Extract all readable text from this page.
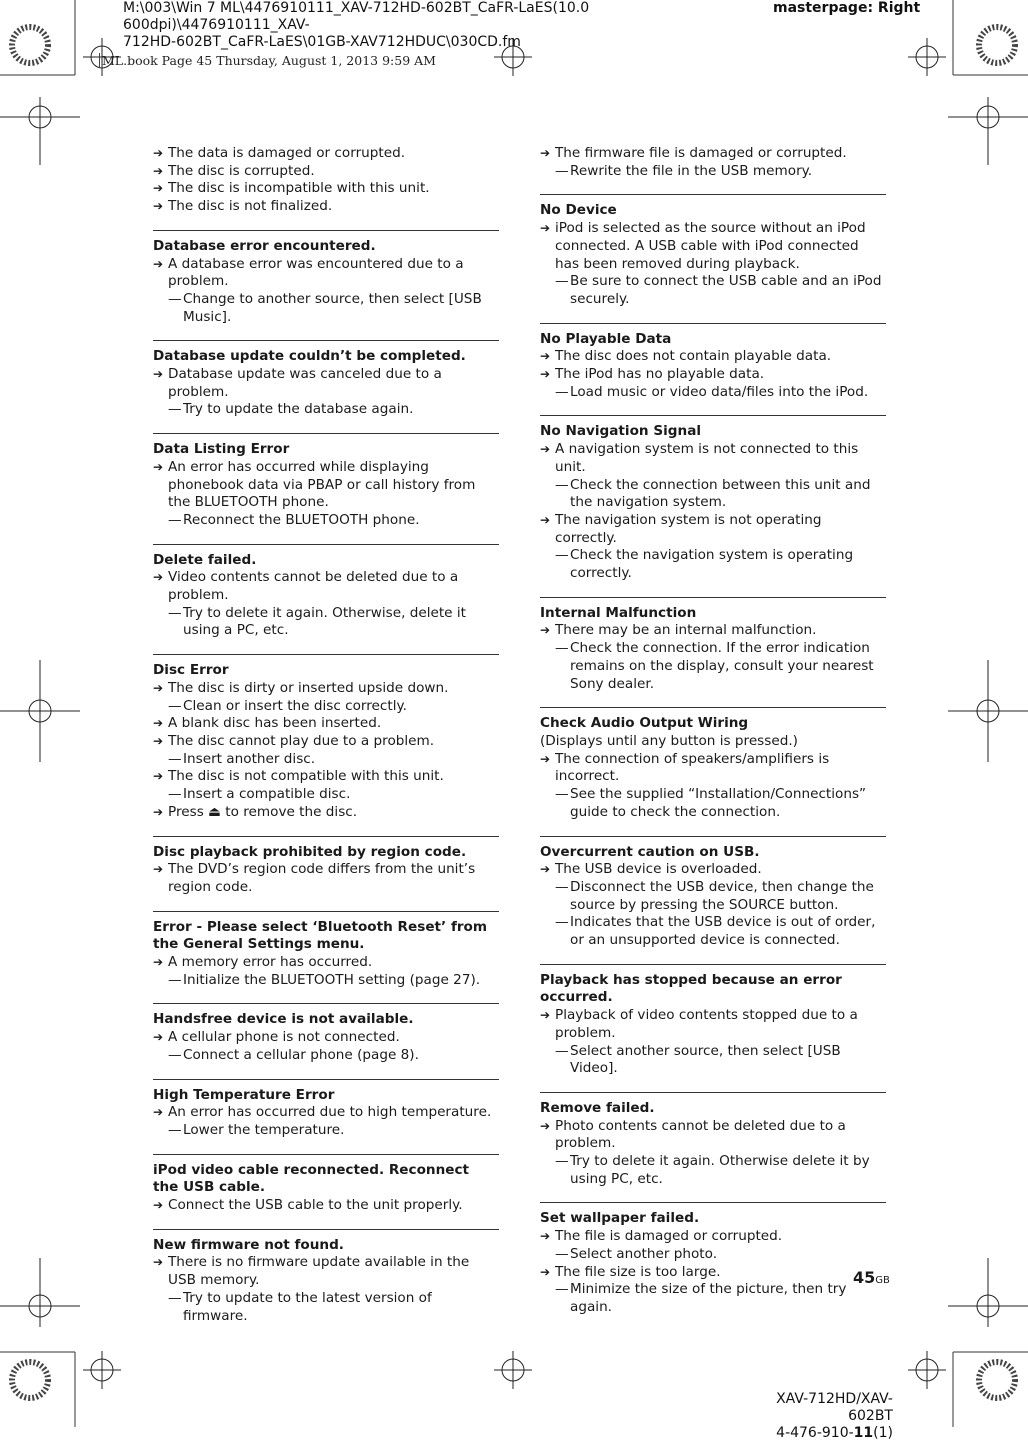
M:\003\Win 7 ML\4476910111_XAV-712HD-602BT_CaFR-LaES(10.0 600dpi)\4476910111_XAV-
712HD-602BT_CaFR-LaES\01GB-XAV712HDUC\030CD.fm
masterpage: Right
ML.book Page 45 Thursday, August 1, 2013 9:59 AM
➔ The data is damaged or corrupted.
➔ The disc is corrupted.
➔ The disc is incompatible with this unit.
➔ The disc is not finalized.
Database error encountered.
➔ A database error was encountered due to a problem.
— Change to another source, then select [USB Music].
Database update couldn’t be completed.
➔ Database update was canceled due to a problem.
— Try to update the database again.
Data Listing Error
➔ An error has occurred while displaying phonebook data via PBAP or call history from the BLUETOOTH phone.
— Reconnect the BLUETOOTH phone.
Delete failed.
➔ Video contents cannot be deleted due to a problem.
— Try to delete it again. Otherwise, delete it using a PC, etc.
Disc Error
➔ The disc is dirty or inserted upside down.
— Clean or insert the disc correctly.
➔ A blank disc has been inserted.
➔ The disc cannot play due to a problem.
— Insert another disc.
➔ The disc is not compatible with this unit.
— Insert a compatible disc.
➔ Press ⏏ to remove the disc.
Disc playback prohibited by region code.
➔ The DVD’s region code differs from the unit’s region code.
Error - Please select ‘Bluetooth Reset’ from the General Settings menu.
➔ A memory error has occurred.
— Initialize the BLUETOOTH setting (page 27).
Handsfree device is not available.
➔ A cellular phone is not connected.
— Connect a cellular phone (page 8).
High Temperature Error
➔ An error has occurred due to high temperature.
— Lower the temperature.
iPod video cable reconnected. Reconnect the USB cable.
➔ Connect the USB cable to the unit properly.
New firmware not found.
➔ There is no firmware update available in the USB memory.
— Try to update to the latest version of firmware.
➔ The firmware file is damaged or corrupted.
— Rewrite the file in the USB memory.
No Device
➔ iPod is selected as the source without an iPod connected. A USB cable with iPod connected has been removed during playback.
— Be sure to connect the USB cable and an iPod securely.
No Playable Data
➔ The disc does not contain playable data.
➔ The iPod has no playable data.
— Load music or video data/files into the iPod.
No Navigation Signal
➔ A navigation system is not connected to this unit.
— Check the connection between this unit and the navigation system.
➔ The navigation system is not operating correctly.
— Check the navigation system is operating correctly.
Internal Malfunction
➔ There may be an internal malfunction.
— Check the connection. If the error indication remains on the display, consult your nearest Sony dealer.
Check Audio Output Wiring
(Displays until any button is pressed.)
➔ The connection of speakers/amplifiers is incorrect.
— See the supplied “Installation/Connections” guide to check the connection.
Overcurrent caution on USB.
➔ The USB device is overloaded.
— Disconnect the USB device, then change the source by pressing the SOURCE button.
— Indicates that the USB device is out of order, or an unsupported device is connected.
Playback has stopped because an error occurred.
➔ Playback of video contents stopped due to a problem.
— Select another source, then select [USB Video].
Remove failed.
➔ Photo contents cannot be deleted due to a problem.
— Try to delete it again. Otherwise delete it by using PC, etc.
Set wallpaper failed.
➔ The file is damaged or corrupted.
— Select another photo.
➔ The file size is too large.
— Minimize the size of the picture, then try again.
45GB
XAV-712HD/XAV-602BT
4-476-910-11(1)
